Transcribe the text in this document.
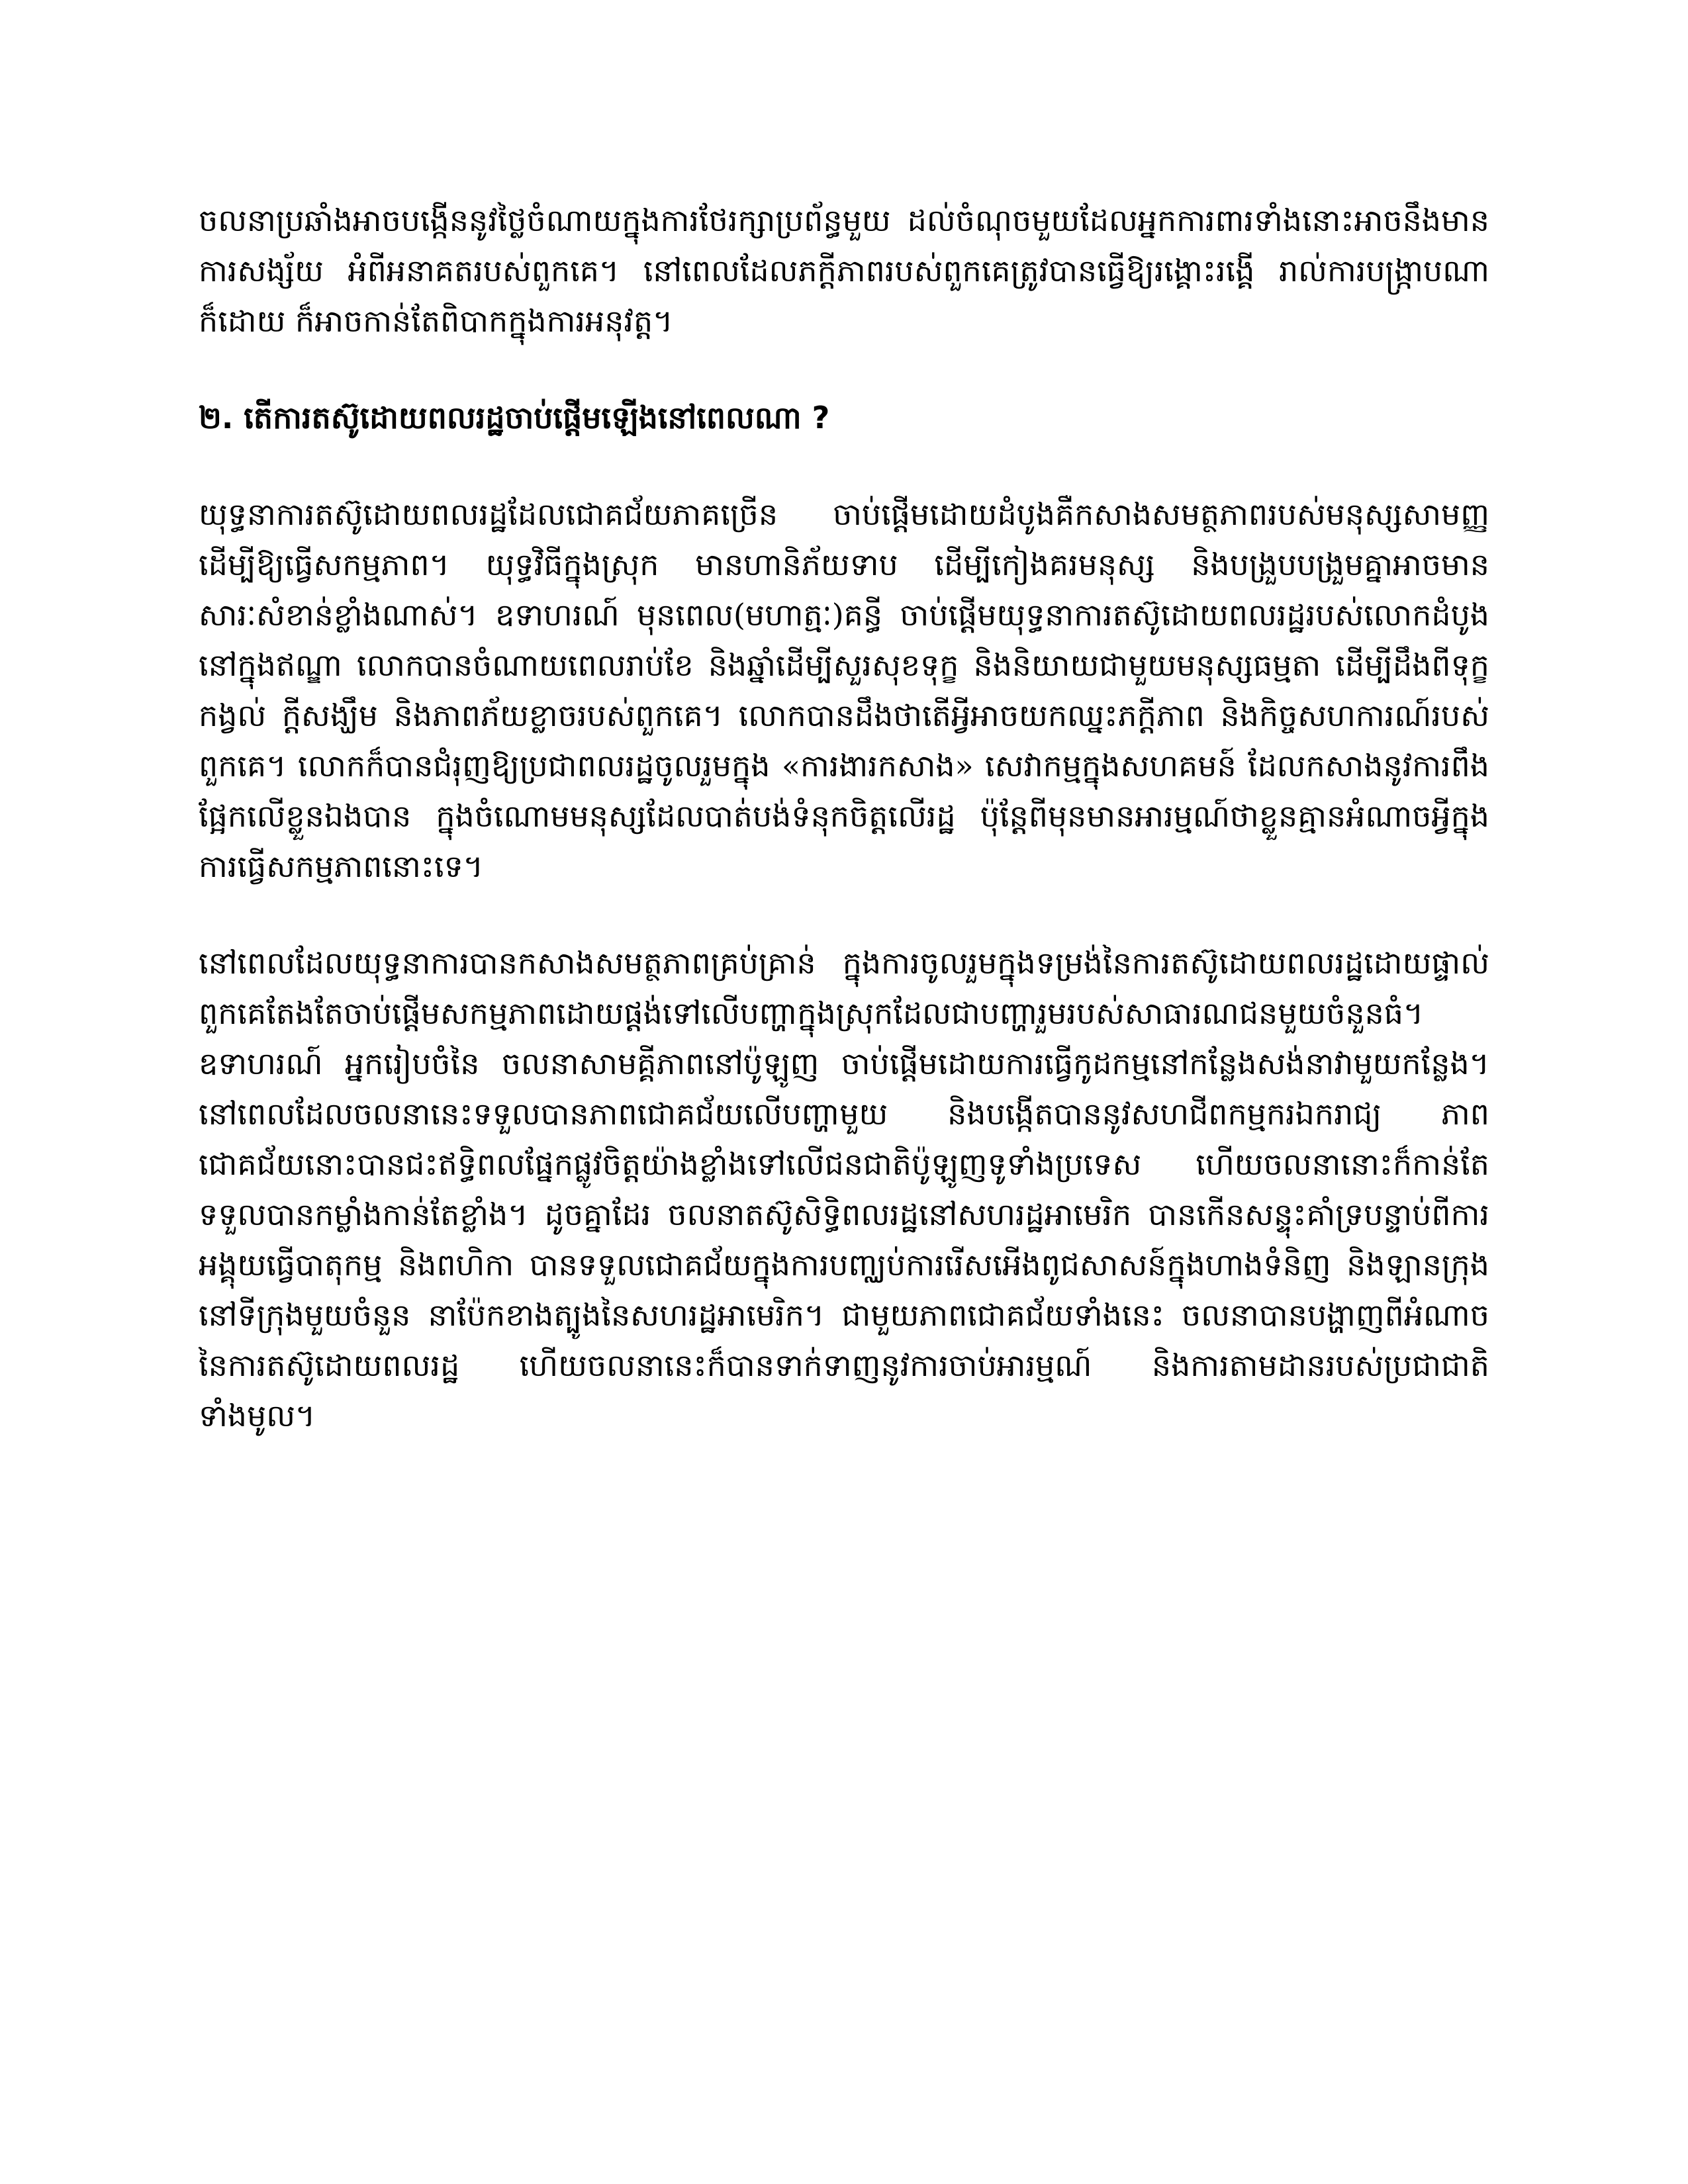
ចលនាប្រឆាំងអាចបង្កើននូវថ្លៃចំណាយក្នុងការថែរក្សាប្រព័ន្ធមួយ ដល់ចំណុចមួយដែលអ្នកការពារទាំងនោះអាចនឹងមានការសង្ស័យ អំពីអនាគតរបស់ពួកគេ។ នៅពេលដែលភក្តីភាពរបស់ពួកគេត្រូវបានធ្វើឱ្យរង្គោះរង្គើ រាល់ការបង្ក្រាបណាក៏ដោយ ក៏អាចកាន់តែពិបាកក្នុងការអនុវត្ត។

២. តើការតស៊ូដោយពលរដ្ឋចាប់ផ្តើមឡើងនៅពេលណា ?

យុទ្ធនាការតស៊ូដោយពលរដ្ឋដែលជោគជ័យភាគច្រើន ចាប់ផ្តើមដោយដំបូងគឺកសាងសមត្ថភាពរបស់មនុស្សសាមញ្ញដើម្បីឱ្យធ្វើសកម្មភាព។ យុទ្ធវិធីក្នុងស្រុក មានហានិភ័យទាប ដើម្បីកៀងគរមនុស្ស និងបង្រួបបង្រួមគ្នាអាចមានសារៈសំខាន់ខ្លាំងណាស់។ ឧទាហរណ៍ មុនពេល(មហាត្មៈ)គន្ធី ចាប់ផ្តើមយុទ្ធនាការតស៊ូដោយពលរដ្ឋរបស់លោកដំបូងនៅក្នុងឥណ្ឌា លោកបានចំណាយពេលរាប់ខែ និងឆ្នាំដើម្បីសួរសុខទុក្ខ និងនិយាយជាមួយមនុស្សធម្មតា ដើម្បីដឹងពីទុក្ខកង្វល់ ក្តីសង្ឃឹម និងភាពភ័យខ្លាចរបស់ពួកគេ។ លោកបានដឹងថាតើអ្វីអាចយកឈ្នះភក្តីភាព និងកិច្ចសហការណ៍របស់ពួកគេ។ លោកក៏បានជំរុញឱ្យប្រជាពលរដ្ឋចូលរួមក្នុង «ការងារកសាង» សេវាកម្មក្នុងសហគមន៍ ដែលកសាងនូវការពឹងផ្អែកលើខ្លួនឯងបាន ក្នុងចំណោមមនុស្សដែលបាត់បង់ទំនុកចិត្តលើរដ្ឋ ប៉ុន្តែពីមុនមានអារម្មណ៍ថាខ្លួនគ្មានអំណាចអ្វីក្នុងការធ្វើសកម្មភាពនោះទេ។

នៅពេលដែលយុទ្ធនាការបានកសាងសមត្ថភាពគ្រប់គ្រាន់ ក្នុងការចូលរួមក្នុងទម្រង់នៃការតស៊ូដោយពលរដ្ឋដោយផ្ទាល់ ពួកគេតែងតែចាប់ផ្តើមសកម្មភាពដោយផ្តង់ទៅលើបញ្ហាក្នុងស្រុកដែលជាបញ្ហារួមរបស់សាធារណជនមួយចំនួនធំ។ ឧទាហរណ៍ អ្នករៀបចំនៃ ចលនាសាមគ្គីភាពនៅប៉ូឡូញ ចាប់ផ្តើមដោយការធ្វើកូដកម្មនៅកន្លែងសង់នាវាមួយកន្លែង។ នៅពេលដែលចលនានេះទទួលបានភាពជោគជ័យលើបញ្ហាមួយ និងបង្កើតបាននូវសហជីពកម្មករឯករាជ្យ ភាពជោគជ័យនោះបានជះឥទ្ធិពលផ្នែកផ្លូវចិត្តយ៉ាងខ្លាំងទៅលើជនជាតិប៉ូឡូញទូទាំងប្រទេស ហើយចលនានោះក៏កាន់តែទទួលបានកម្លាំងកាន់តែខ្លាំង។ ដូចគ្នាដែរ ចលនាតស៊ូសិទ្ធិពលរដ្ឋនៅសហរដ្ឋអាមេរិក បានកើនសន្ទុះគាំទ្របន្ទាប់ពីការអង្គុយធ្វើបាតុកម្ម និងពហិកា បានទទួលជោគជ័យក្នុងការបញ្ឈប់ការរើសអើងពូជសាសន៍ក្នុងហាងទំនិញ និងឡានក្រុង នៅទីក្រុងមួយចំនួន នាប៉ែកខាងត្បូងនៃសហរដ្ឋអាមេរិក។ ជាមួយភាពជោគជ័យទាំងនេះ ចលនាបានបង្ហាញពីអំណាចនៃការតស៊ូដោយពលរដ្ឋ ហើយចលនានេះក៏បានទាក់ទាញនូវការចាប់អារម្មណ៍ និងការតាមដានរបស់ប្រជាជាតិទាំងមូល។
